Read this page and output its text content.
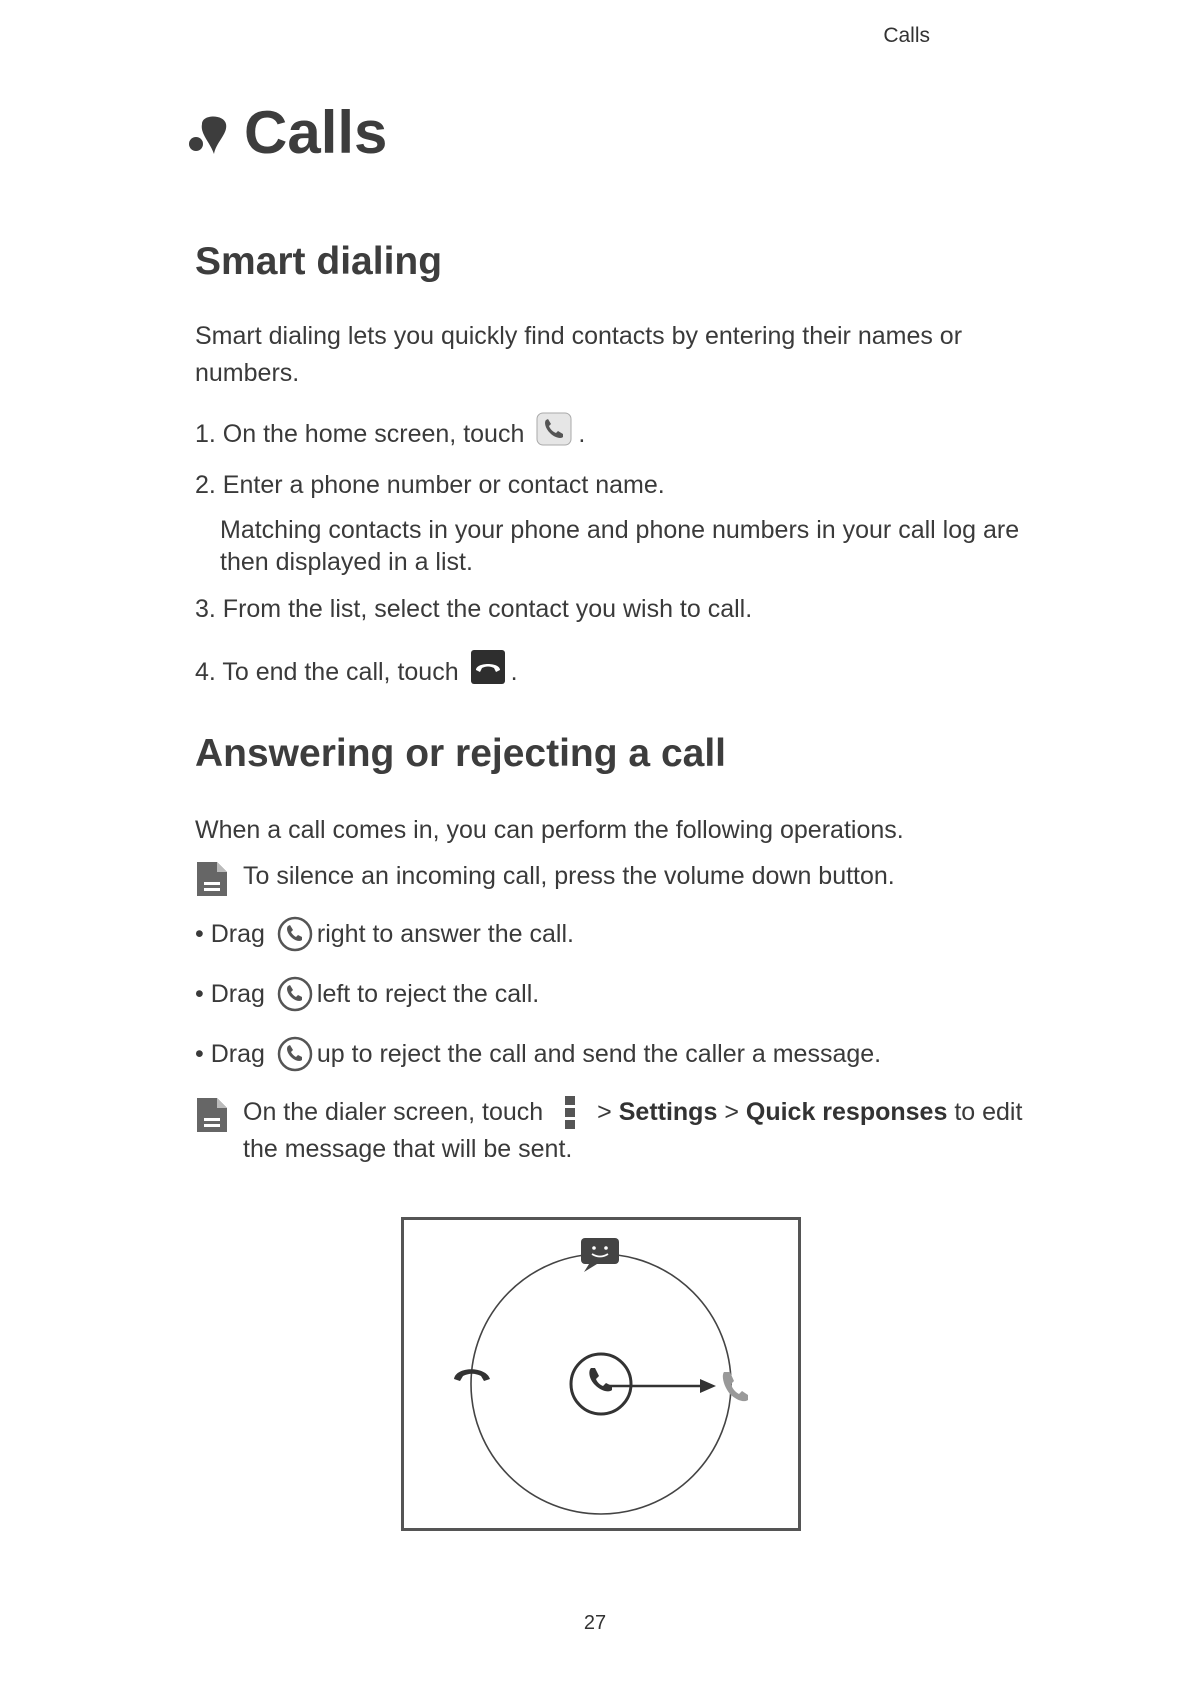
Calls
Calls
Smart dialing

Smart dialing lets you quickly find contacts by entering their names or numbers.

1. On the home screen, touch .
2. Enter a phone number or contact name.
Matching contacts in your phone and phone numbers in your call log are then displayed in a list.
3. From the list, select the contact you wish to call.
4. To end the call, touch .
Answering or rejecting a call

When a call comes in, you can perform the following operations.

To silence an incoming call, press the volume down button.
• Drag right to answer the call.
• Drag left to reject the call.
• Drag up to reject the call and send the caller a message.
On the dialer screen, touch >
Settings
>
Quick responses
to edit
the message that will be sent.
27
